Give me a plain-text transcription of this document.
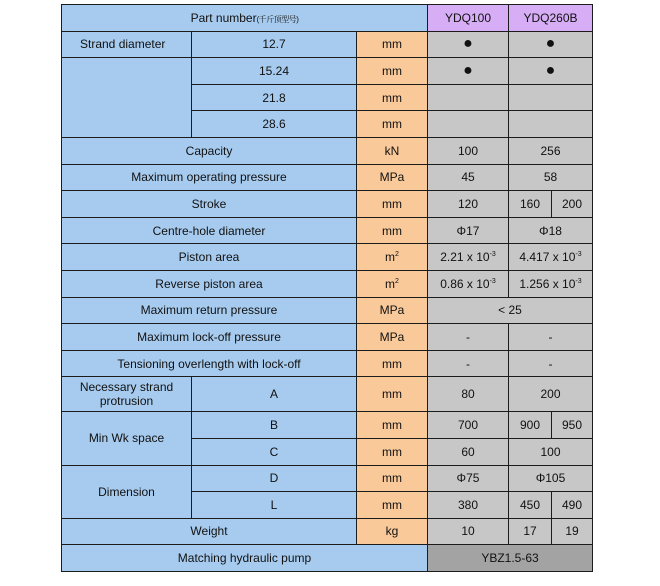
Part number(千斤顶型号)			YDQ100	YDQ260B	
Strand diameter	12.7	mm	●	●	
	15.24	mm	●	●	
	21.8	mm			
	28.6	mm			
Capacity		kN	100	256	
Maximum operating pressure		MPa	45	58	
Stroke		mm	120	160	200
Centre-hole diameter		mm	Φ17	Φ18	
Piston area		$m^2$	2.21 x $10^{-3}$	4.417 x $10^{-3}$
Reverse piston area		$m^2$	0.86 x $10^{-3}$	1.256 x $10^{-3}$
Maximum return pressure		MPa	< 25		
Maximum lock-off pressure		MPa	-	-	
Tensioning overlength with lock-off		mm	-	-	
Necessary strand protrusion	A	mm	80	200	
Min Wk space	B	mm	700	900	950
	C	mm	60	100	
Dimension	D	mm	Φ75	Φ105	
	L	mm	380	450	490
Weight		kg	10	17	19
Matching hydraulic pump			YBZ1.5-63		
